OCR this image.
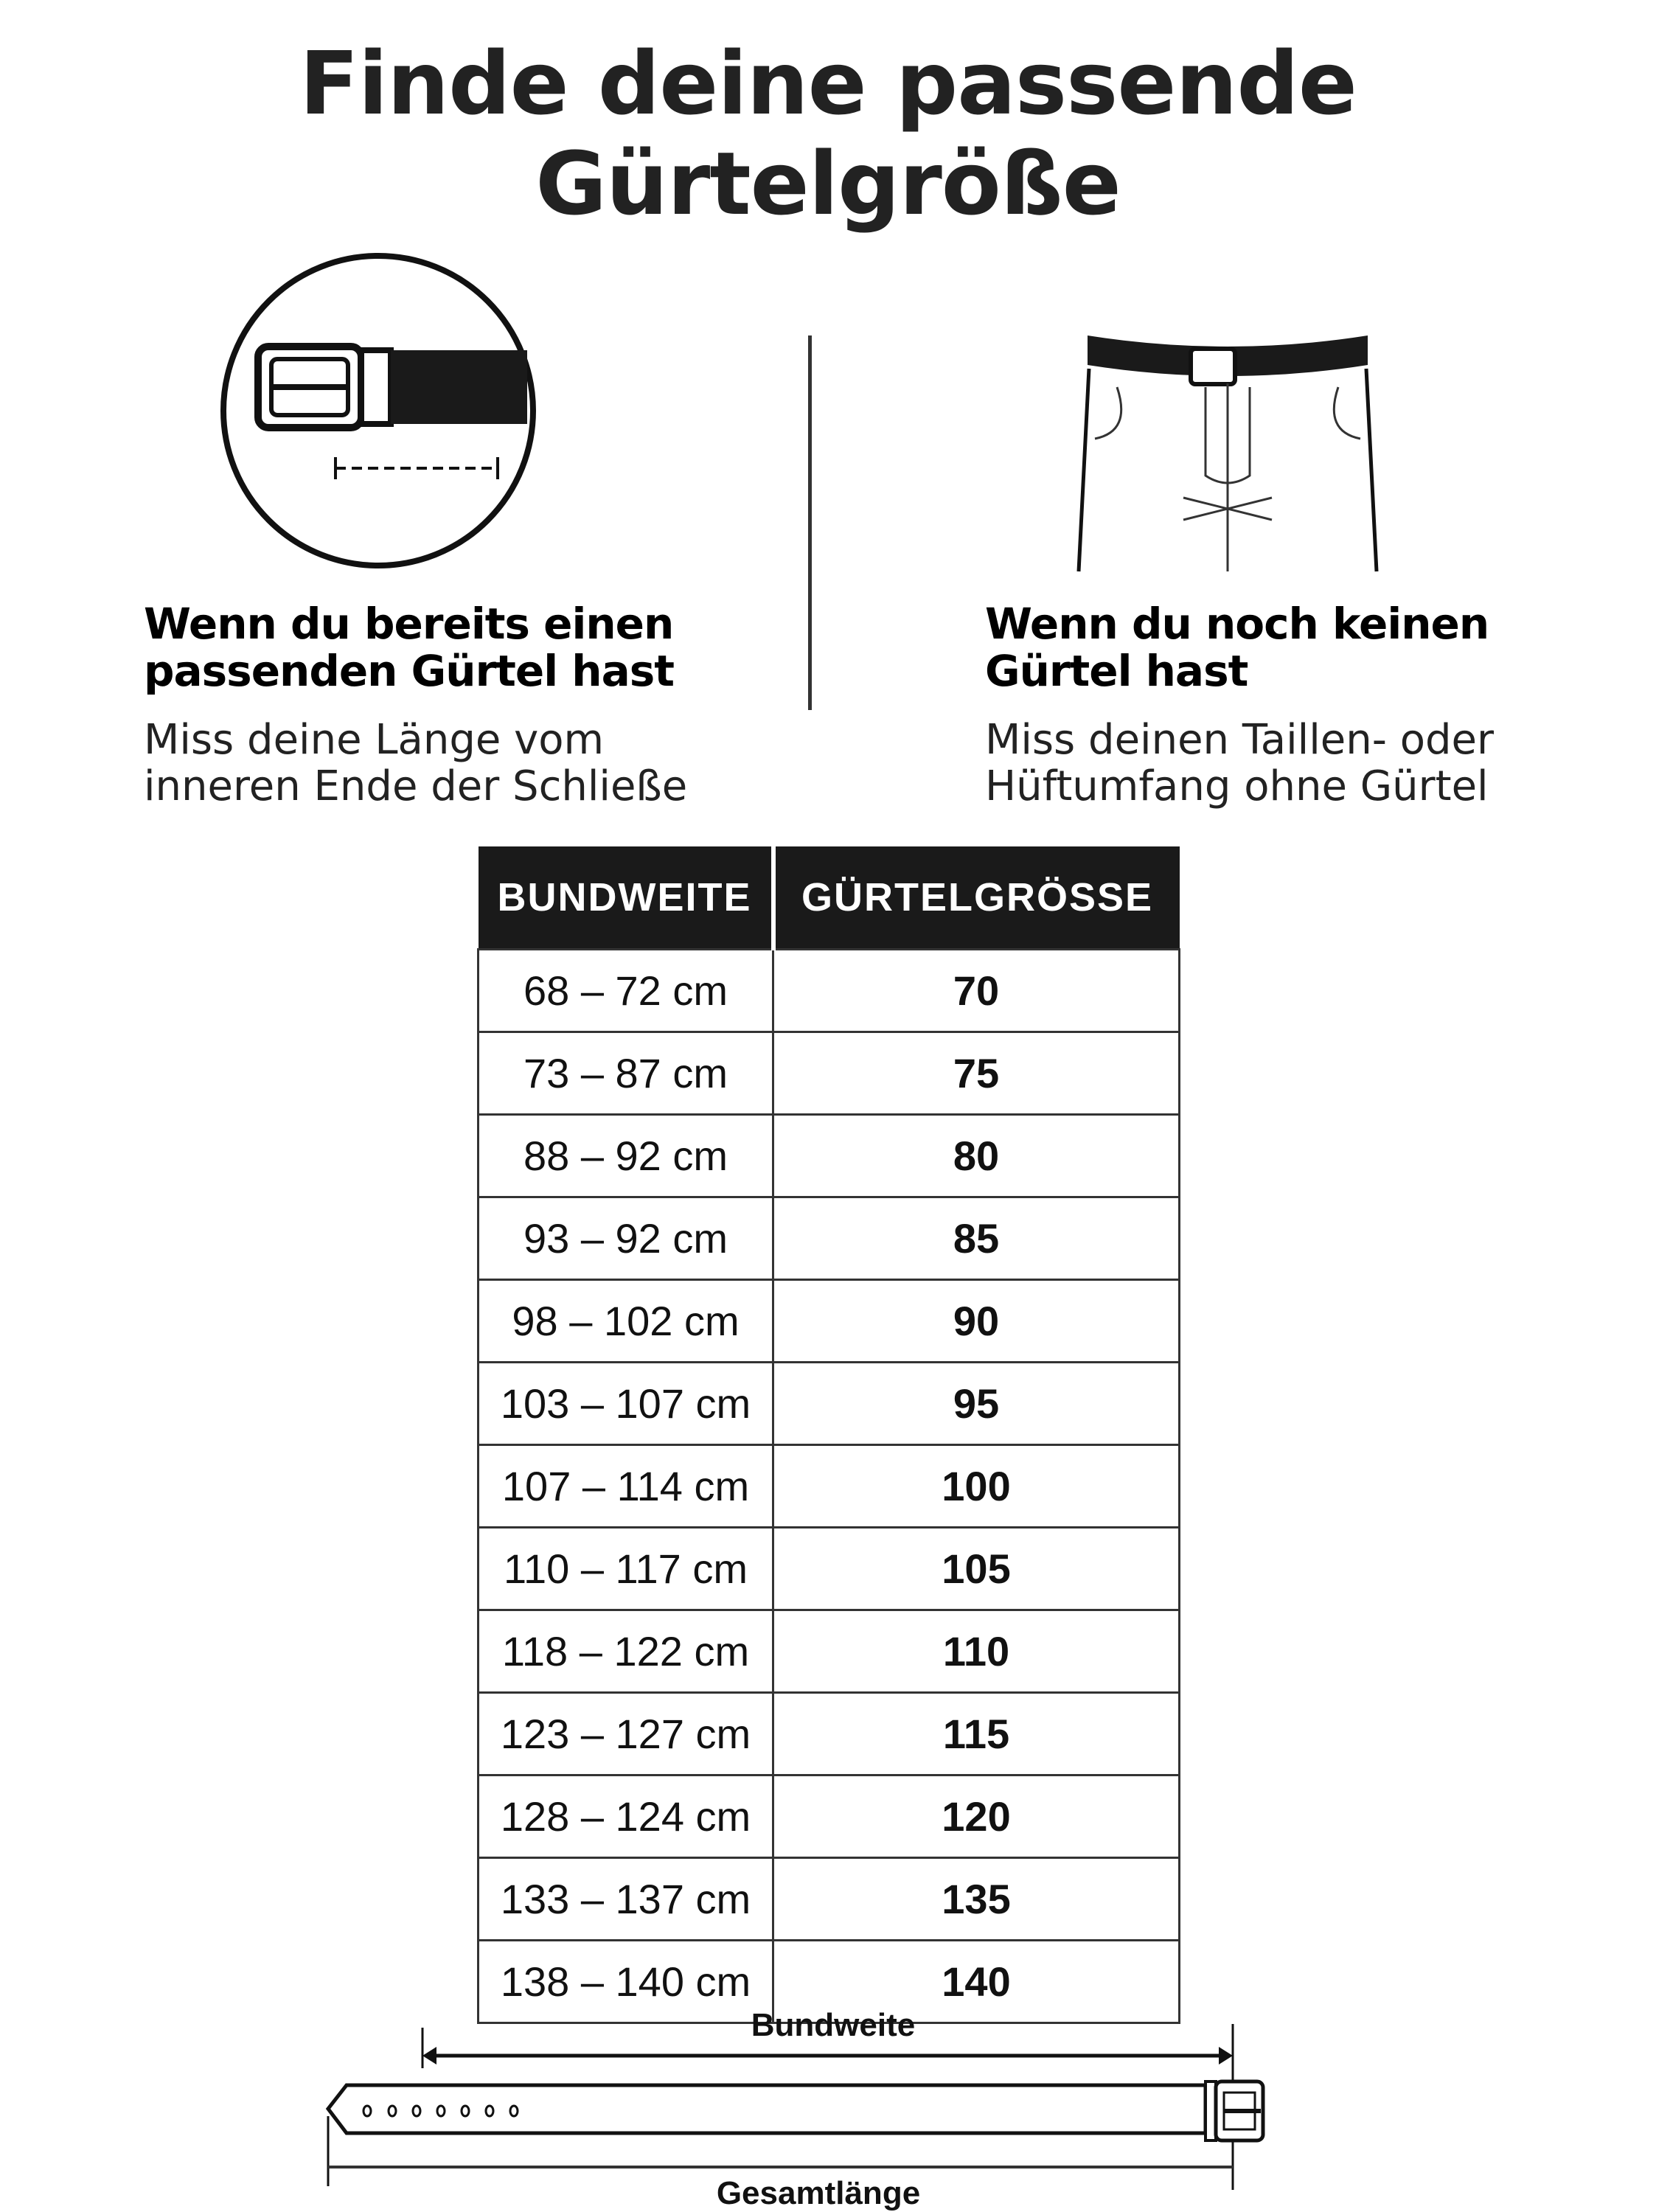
Finde deine passende
Gürtelgröße
Wenn du bereits einen
passenden Gürtel hast
Miss deine Länge vom
inneren Ende der Schließe
Wenn du noch keinen
Gürtel hast
Miss deinen Taillen- oder
Hüftumfang ohne Gürtel
BUNDWEITE	GÜRTELGRÖSSE
68 – 72 cm	70
73 – 87 cm	75
88 – 92 cm	80
93 – 92 cm	85
98 – 102 cm	90
103 – 107 cm	95
107 – 114 cm	100
110 – 117 cm	105
118 – 122 cm	110
123 – 127 cm	115
128 – 124 cm	120
133 – 137 cm	135
138 – 140 cm	140
Bundweite
Gesamtlänge
